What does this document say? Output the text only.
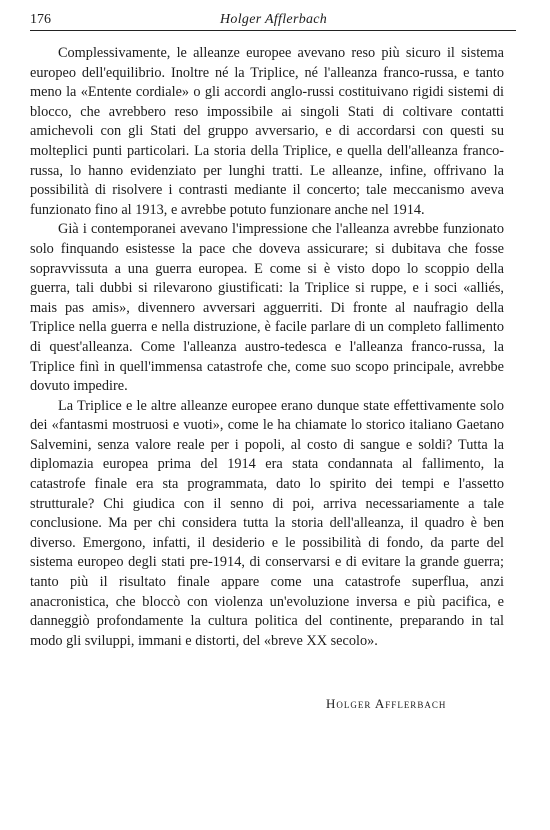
176	Holger Afflerbach

Complessivamente, le alleanze europee avevano reso più sicuro il sistema europeo dell'equilibrio. Inoltre né la Triplice, né l'alleanza franco-russa, e tanto meno la «Entente cordiale» o gli accordi anglo-russi costituivano rigidi sistemi di blocco, che avrebbero reso impossibile ai singoli Stati di coltivare contatti amichevoli con gli Stati del gruppo avversario, e di accordarsi con questi su molteplici punti particolari. La storia della Triplice, e quella dell'alleanza franco-russa, lo hanno evidenziato per lunghi tratti. Le alleanze, infine, offrivano la possibilità di risolvere i contrasti mediante il concerto; tale meccanismo aveva funzionato fino al 1913, e avrebbe potuto funzionare anche nel 1914.

Già i contemporanei avevano l'impressione che l'alleanza avrebbe funzionato solo finquando esistesse la pace che doveva assicurare; si dubitava che fosse sopravvissuta a una guerra europea. E come si è visto dopo lo scoppio della guerra, tali dubbi si rilevarono giustificati: la Triplice si ruppe, e i soci «alliés, mais pas amis», divennero avversari agguerriti. Di fronte al naufragio della Triplice nella guerra e nella distruzione, è facile parlare di un completo fallimento di quest'alleanza. Come l'alleanza austro-tedesca e l'alleanza franco-russa, la Triplice finì in quell'immensa catastrofe che, come suo scopo principale, avrebbe dovuto impedire.

La Triplice e le altre alleanze europee erano dunque state effettivamente solo dei «fantasmi mostruosi e vuoti», come le ha chiamate lo storico italiano Gaetano Salvemini, senza valore reale per i popoli, al costo di sangue e soldi? Tutta la diplomazia europea prima del 1914 era stata condannata al fallimento, la catastrofe finale era sta programmata, dato lo spirito dei tempi e l'assetto strutturale? Chi giudica con il senno di poi, arriva necessariamente a tale conclusione. Ma per chi considera tutta la storia dell'alleanza, il quadro è ben diverso. Emergono, infatti, il desiderio e le possibilità di fondo, da parte del sistema europeo degli stati pre-1914, di conservarsi e di evitare la grande guerra; tanto più il risultato finale appare come una catastrofe superflua, anzi anacronistica, che bloccò con violenza un'evoluzione inversa e più pacifica, e danneggiò profondamente la cultura politica del continente, preparando in tal modo gli sviluppi, immani e distorti, del «breve XX secolo».

Holger Afflerbach
